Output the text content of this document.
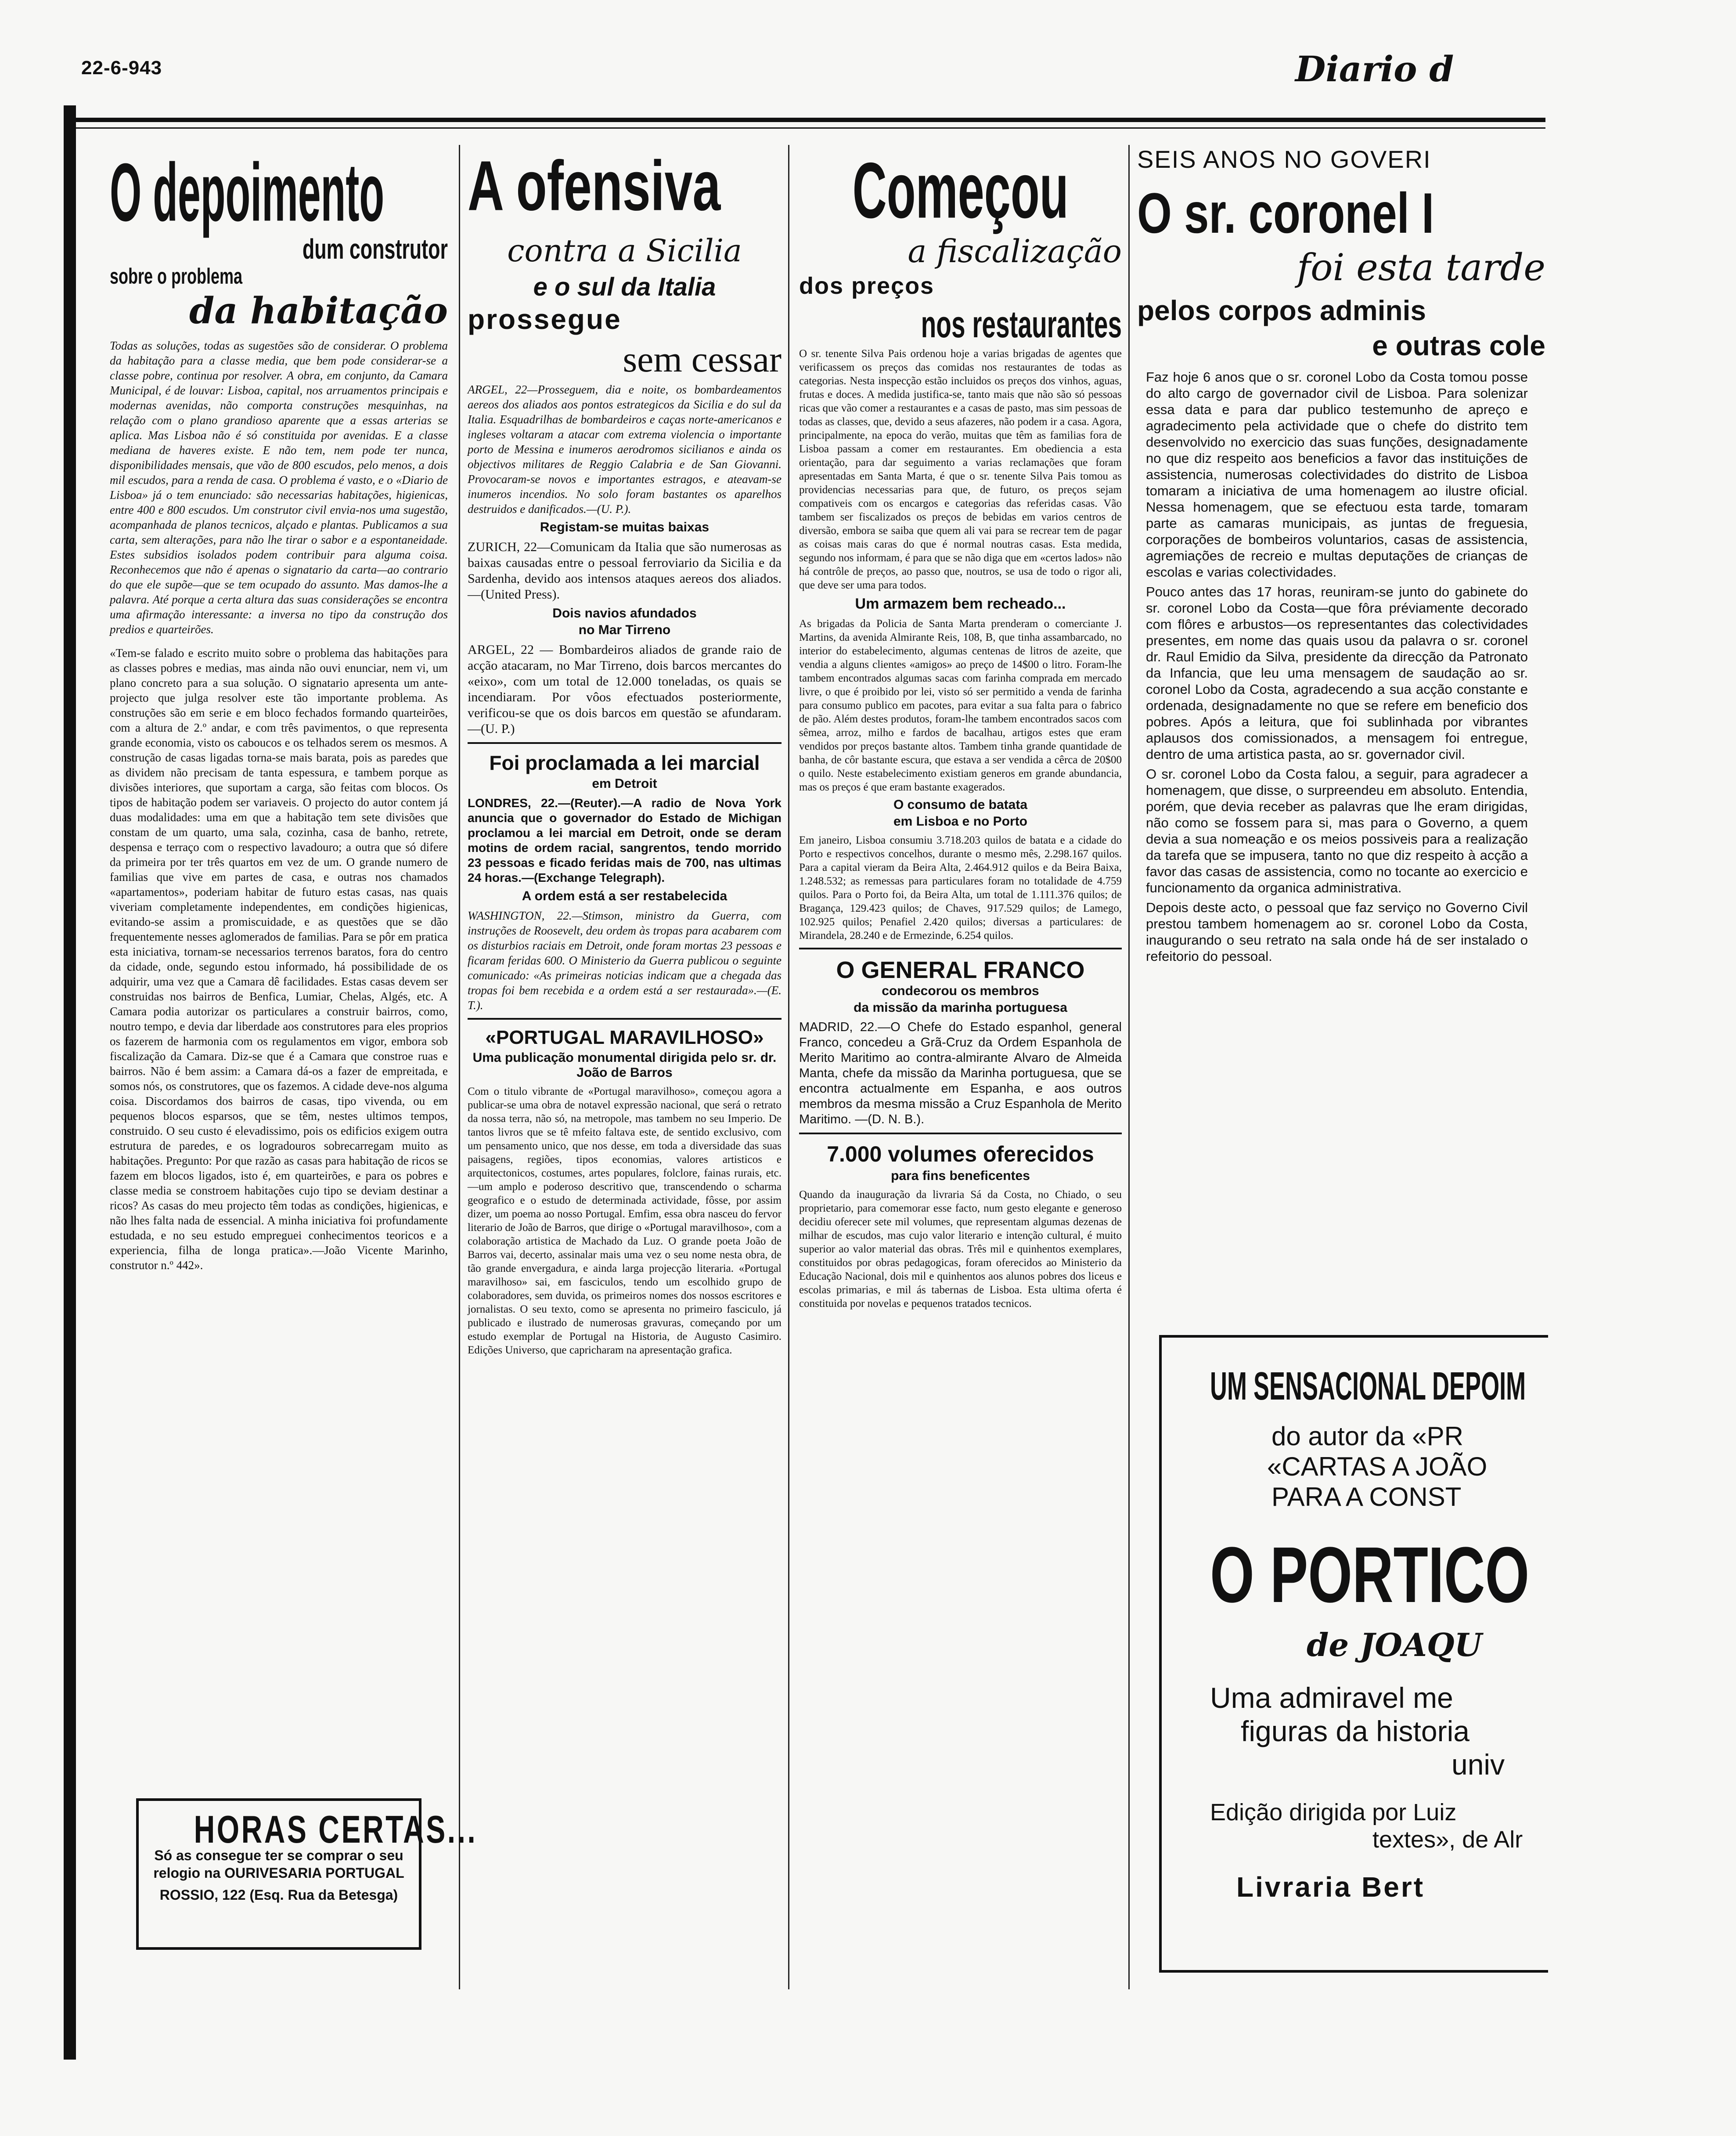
22-6-943	Diario d
O depoimento
dum construtor
sobre o problema
da habitação

Todas as soluções, todas as sugestões são de considerar. O problema da habitação para a classe media, que bem pode considerar-se a classe pobre, continua por resolver. A obra, em conjunto, da Camara Municipal, é de louvar: Lisboa, capital, nos arruamentos principais e modernas avenidas, não comporta construções mesquinhas, na relação com o plano grandioso aparente que a essas arterias se aplica. Mas Lisboa não é só constituida por avenidas. E a classe mediana de haveres existe. E não tem, nem pode ter nunca, disponibilidades mensais, que vão de 800 escudos, pelo menos, a dois mil escudos, para a renda de casa. O problema é vasto, e o «Diario de Lisboa» já o tem enunciado: são necessarias habitações, higienicas, entre 400 e 800 escudos. Um construtor civil envia-nos uma sugestão, acompanhada de planos tecnicos, alçado e plantas. Publicamos a sua carta, sem alterações, para não lhe tirar o sabor e a espontaneidade. Estes subsidios isolados podem contribuir para alguma coisa. Reconhecemos que não é apenas o signatario da carta—ao contrario do que ele supõe—que se tem ocupado do assunto. Mas damos-lhe a palavra. Até porque a certa altura das suas considerações se encontra uma afirmação interessante: a inversa no tipo da construção dos predios e quarteirões.

«Tem-se falado e escrito muito sobre o problema das habitações para as classes pobres e medias, mas ainda não ouvi enunciar, nem vi, um plano concreto para a sua solução. O signatario apresenta um ante-projecto que julga resolver este tão importante problema. As construções são em serie e em bloco fechados formando quarteirões, com a altura de 2.º andar, e com três pavimentos, o que representa grande economia, visto os caboucos e os telhados serem os mesmos. A construção de casas ligadas torna-se mais barata, pois as paredes que as dividem não precisam de tanta espessura, e tambem porque as divisões interiores, que suportam a carga, são feitas com blocos. Os tipos de habitação podem ser variaveis. O projecto do autor contem já duas modalidades: uma em que a habitação tem sete divisões que constam de um quarto, uma sala, cozinha, casa de banho, retrete, despensa e terraço com o respectivo lavadouro; a outra que só difere da primeira por ter três quartos em vez de um. O grande numero de familias que vive em partes de casa, e outras nos chamados «apartamentos», poderiam habitar de futuro estas casas, nas quais viveriam completamente independentes, em condições higienicas, evitando-se assim a promiscuidade, e as questões que se dão frequentemente nesses aglomerados de familias. Para se pôr em pratica esta iniciativa, tornam-se necessarios terrenos baratos, fora do centro da cidade, onde, segundo estou informado, há possibilidade de os adquirir, uma vez que a Camara dê facilidades. Estas casas devem ser construidas nos bairros de Benfica, Lumiar, Chelas, Algés, etc. A Camara podia autorizar os particulares a construir bairros, como, noutro tempo, e devia dar liberdade aos construtores para eles proprios os fazerem de harmonia com os regulamentos em vigor, embora sob fiscalização da Camara. Diz-se que é a Camara que constroe ruas e bairros. Não é bem assim: a Camara dá-os a fazer de empreitada, e somos nós, os construtores, que os fazemos. A cidade deve-nos alguma coisa. Discordamos dos bairros de casas, tipo vivenda, ou em pequenos blocos esparsos, que se têm, nestes ultimos tempos, construido. O seu custo é elevadissimo, pois os edificios exigem outra estrutura de paredes, e os logradouros sobrecarregam muito as habitações. Pregunto: Por que razão as casas para habitação de ricos se fazem em blocos ligados, isto é, em quarteirões, e para os pobres e classe media se constroem habitações cujo tipo se deviam destinar a ricos? As casas do meu projecto têm todas as condições, higienicas, e não lhes falta nada de essencial. A minha iniciativa foi profundamente estudada, e no seu estudo empreguei conhecimentos teoricos e a experiencia, filha de longa pratica».—João Vicente Marinho, construtor n.º 442».

HORAS CERTAS...
Só as consegue ter se comprar o seu relogio na OURIVESARIA PORTUGAL
ROSSIO, 122 (Esq. Rua da Betesga)
A ofensiva
contra a Sicilia
e o sul da Italia
prossegue
sem cessar

ARGEL, 22—Prosseguem, dia e noite, os bombardeamentos aereos dos aliados aos pontos estrategicos da Sicilia e do sul da Italia. Esquadrilhas de bombardeiros e caças norte-americanos e ingleses voltaram a atacar com extrema violencia o importante porto de Messina e inumeros aerodromos sicilianos e ainda os objectivos militares de Reggio Calabria e de San Giovanni. Provocaram-se novos e importantes estragos, e ateavam-se inumeros incendios. No solo foram bastantes os aparelhos destruidos e danificados.—(U. P.).

Registam-se muitas baixas

ZURICH, 22—Comunicam da Italia que são numerosas as baixas causadas entre o pessoal ferroviario da Sicilia e da Sardenha, devido aos intensos ataques aereos dos aliados. —(United Press).

Dois navios afundados
no Mar Tirreno

ARGEL, 22 — Bombardeiros aliados de grande raio de acção atacaram, no Mar Tirreno, dois barcos mercantes do «eixo», com um total de 12.000 toneladas, os quais se incendiaram. Por vôos efectuados posteriormente, verificou-se que os dois barcos em questão se afundaram.—(U. P.)

Foi proclamada a lei marcial
em Detroit

LONDRES, 22.—(Reuter).—A radio de Nova York anuncia que o governador do Estado de Michigan proclamou a lei marcial em Detroit, onde se deram motins de ordem racial, sangrentos, tendo morrido 23 pessoas e ficado feridas mais de 700, nas ultimas 24 horas.—(Exchange Telegraph).

A ordem está a ser restabelecida

WASHINGTON, 22.—Stimson, ministro da Guerra, com instruções de Roosevelt, deu ordem às tropas para acabarem com os disturbios raciais em Detroit, onde foram mortas 23 pessoas e ficaram feridas 600. O Ministerio da Guerra publicou o seguinte comunicado: «As primeiras noticias indicam que a chegada das tropas foi bem recebida e a ordem está a ser restaurada».—(E. T.).

«PORTUGAL MARAVILHOSO»
Uma publicação monumental dirigida pelo sr. dr. João de Barros

Com o titulo vibrante de «Portugal maravilhoso», começou agora a publicar-se uma obra de notavel expressão nacional, que será o retrato da nossa terra, não só, na metropole, mas tambem no seu Imperio. De tantos livros que se tê mfeito faltava este, de sentido exclusivo, com um pensamento unico, que nos desse, em toda a diversidade das suas paisagens, regiões, tipos economias, valores artisticos e arquitectonicos, costumes, artes populares, folclore, fainas rurais, etc.—um amplo e poderoso descritivo que, transcendendo o scharma geografico e o estudo de determinada actividade, fôsse, por assim dizer, um poema ao nosso Portugal. Emfim, essa obra nasceu do fervor literario de João de Barros, que dirige o «Portugal maravilhoso», com a colaboração artistica de Machado da Luz. O grande poeta João de Barros vai, decerto, assinalar mais uma vez o seu nome nesta obra, de tão grande envergadura, e ainda larga projecção literaria. «Portugal maravilhoso» sai, em fasciculos, tendo um escolhido grupo de colaboradores, sem duvida, os primeiros nomes dos nossos escritores e jornalistas. O seu texto, como se apresenta no primeiro fasciculo, já publicado e ilustrado de numerosas gravuras, começando por um estudo exemplar de Portugal na Historia, de Augusto Casimiro. Edições Universo, que capricharam na apresentação grafica.

Começou
a fiscalização
dos preços
nos restaurantes

O sr. tenente Silva Pais ordenou hoje a varias brigadas de agentes que verificassem os preços das comidas nos restaurantes de todas as categorias. Nesta inspecção estão incluidos os preços dos vinhos, aguas, frutas e doces. A medida justifica-se, tanto mais que não são só pessoas ricas que vão comer a restaurantes e a casas de pasto, mas sim pessoas de todas as classes, que, devido a seus afazeres, não podem ir a casa. Agora, principalmente, na epoca do verão, muitas que têm as familias fora de Lisboa passam a comer em restaurantes. Em obediencia a esta orientação, para dar seguimento a varias reclamações que foram apresentadas em Santa Marta, é que o sr. tenente Silva Pais tomou as providencias necessarias para que, de futuro, os preços sejam compativeis com os encargos e categorias das referidas casas. Vão tambem ser fiscalizados os preços de bebidas em varios centros de diversão, embora se saiba que quem ali vai para se recrear tem de pagar as coisas mais caras do que é normal noutras casas. Esta medida, segundo nos informam, é para que se não diga que em «certos lados» não há contrôle de preços, ao passo que, noutros, se usa de todo o rigor ali, que deve ser uma para todos.

Um armazem bem recheado...

As brigadas da Policia de Santa Marta prenderam o comerciante J. Martins, da avenida Almirante Reis, 108, B, que tinha assambarcado, no interior do estabelecimento, algumas centenas de litros de azeite, que vendia a alguns clientes «amigos» ao preço de 14$00 o litro. Foram-lhe tambem encontrados algumas sacas com farinha comprada em mercado livre, o que é proibido por lei, visto só ser permitido a venda de farinha para consumo publico em pacotes, para evitar a sua falta para o fabrico de pão. Além destes produtos, foram-lhe tambem encontrados sacos com sêmea, arroz, milho e fardos de bacalhau, artigos estes que eram vendidos por preços bastante altos. Tambem tinha grande quantidade de banha, de côr bastante escura, que estava a ser vendida a cêrca de 20$00 o quilo. Neste estabelecimento existiam generos em grande abundancia, mas os preços é que eram bastante exagerados.

O consumo de batata
em Lisboa e no Porto

Em janeiro, Lisboa consumiu 3.718.203 quilos de batata e a cidade do Porto e respectivos concelhos, durante o mesmo mês, 2.298.167 quilos. Para a capital vieram da Beira Alta, 2.464.912 quilos e da Beira Baixa, 1.248.532; as remessas para particulares foram no totalidade de 4.759 quilos. Para o Porto foi, da Beira Alta, um total de 1.111.376 quilos; de Bragança, 129.423 quilos; de Chaves, 917.529 quilos; de Lamego, 102.925 quilos; Penafiel 2.420 quilos; diversas a particulares: de Mirandela, 28.240 e de Ermezinde, 6.254 quilos.

O GENERAL FRANCO
condecorou os membros
da missão da marinha portuguesa

MADRID, 22.—O Chefe do Estado espanhol, general Franco, concedeu a Grã-Cruz da Ordem Espanhola de Merito Maritimo ao contra-almirante Alvaro de Almeida Manta, chefe da missão da Marinha portuguesa, que se encontra actualmente em Espanha, e aos outros membros da mesma missão a Cruz Espanhola de Merito Maritimo. —(D. N. B.).

7.000 volumes oferecidos
para fins beneficentes

Quando da inauguração da livraria Sá da Costa, no Chiado, o seu proprietario, para comemorar esse facto, num gesto elegante e generoso decidiu oferecer sete mil volumes, que representam algumas dezenas de milhar de escudos, mas cujo valor literario e intenção cultural, é muito superior ao valor material das obras. Três mil e quinhentos exemplares, constituidos por obras pedagogicas, foram oferecidos ao Ministerio da Educação Nacional, dois mil e quinhentos aos alunos pobres dos liceus e escolas primarias, e mil ás tabernas de Lisboa. Esta ultima oferta é constituida por novelas e pequenos tratados tecnicos.

SEIS ANOS NO GOVERI
O sr. coronel I
foi esta tarde
pelos corpos adminis
e outras cole

Faz hoje 6 anos que o sr. coronel Lobo da Costa tomou posse do alto cargo de governador civil de Lisboa. Para solenizar essa data e para dar publico testemunho de apreço e agradecimento pela actividade que o chefe do distrito tem desenvolvido no exercicio das suas funções, designadamente no que diz respeito aos beneficios a favor das instituições de assistencia, numerosas colectividades do distrito de Lisboa tomaram a iniciativa de uma homenagem ao ilustre oficial. Nessa homenagem, que se efectuou esta tarde, tomaram parte as camaras municipais, as juntas de freguesia, corporações de bombeiros voluntarios, casas de assistencia, agremiações de recreio e multas deputações de crianças de escolas e varias colectividades.

Pouco antes das 17 horas, reuniram-se junto do gabinete do sr. coronel Lobo da Costa—que fôra préviamente decorado com flôres e arbustos—os representantes das colectividades presentes, em nome das quais usou da palavra o sr. coronel dr. Raul Emidio da Silva, presidente da direcção da Patronato da Infancia, que leu uma mensagem de saudação ao sr. coronel Lobo da Costa, agradecendo a sua acção constante e ordenada, designadamente no que se refere em beneficio dos pobres. Após a leitura, que foi sublinhada por vibrantes aplausos dos comissionados, a mensagem foi entregue, dentro de uma artistica pasta, ao sr. governador civil.

O sr. coronel Lobo da Costa falou, a seguir, para agradecer a homenagem, que disse, o surpreendeu em absoluto. Entendia, porém, que devia receber as palavras que lhe eram dirigidas, não como se fossem para si, mas para o Governo, a quem devia a sua nomeação e os meios possiveis para a realização da tarefa que se impusera, tanto no que diz respeito à acção a favor das casas de assistencia, como no tocante ao exercicio e funcionamento da organica administrativa.

Depois deste acto, o pessoal que faz serviço no Governo Civil prestou tambem homenagem ao sr. coronel Lobo da Costa, inaugurando o seu retrato na sala onde há de ser instalado o refeitorio do pessoal.

UM SENSACIONAL DEPOIM
do autor da «PR
«CARTAS A JOÃO
PARA A CONST
O PORTICO
de JOAQU
Uma admiravel me
figuras da historia
univ
Edição dirigida por Luiz
textes», de Alr
Livraria Bert
